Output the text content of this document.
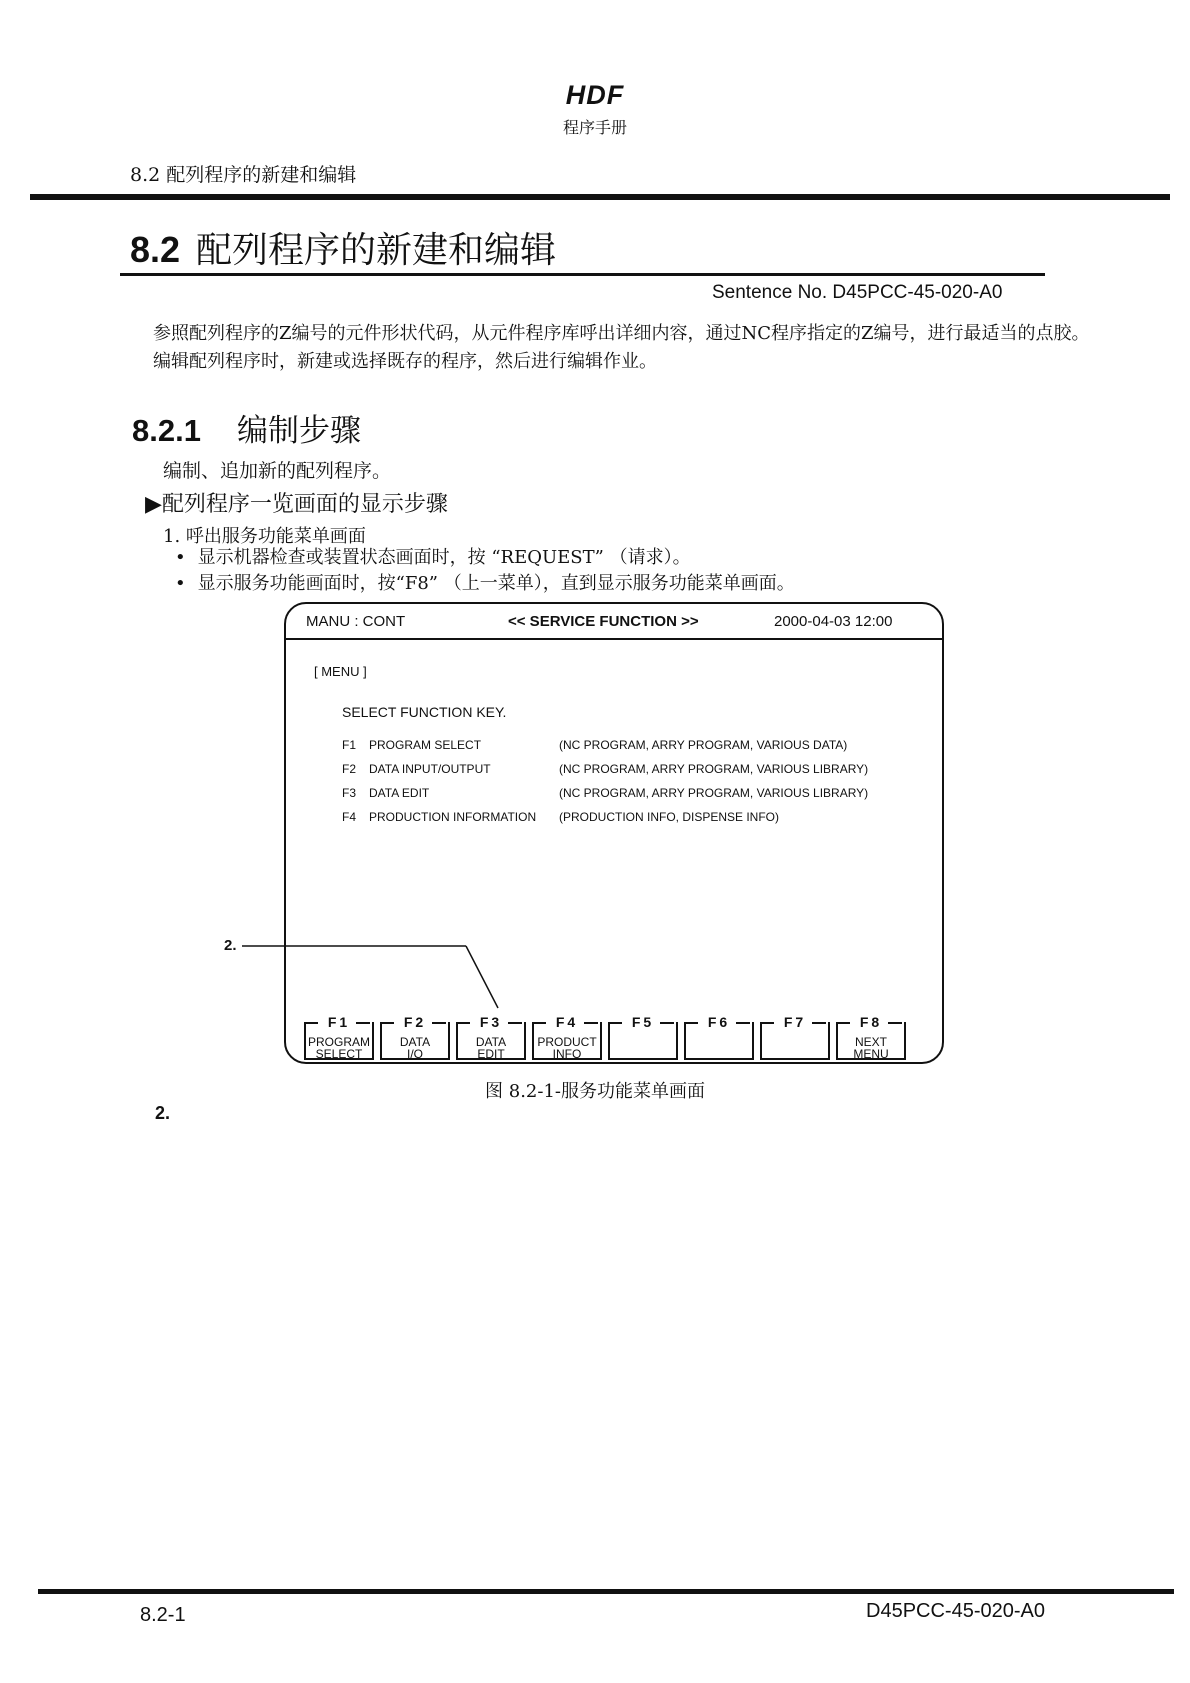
HDF
程序手册
8.2 配列程序的新建和编辑
8.2 配列程序的新建和编辑
Sentence No. D45PCC-45-020-A0

参照配列程序的Z编号的元件形状代码，从元件程序库呼出详细内容，通过NC程序指定的Z编号，进行最适当的点胶。

编辑配列程序时，新建或选择既存的程序，然后进行编辑作业。

8.2.1 编制步骤
编制、追加新的配列程序。
▶配列程序一览画面的显示步骤
1. 呼出服务功能菜单画面
• 显示机器检查或装置状态画面时，按 “REQUEST” （请求）。
• 显示服务功能画面时，按“F8” （上一菜单），直到显示服务功能菜单画面。
2.
MANU : CONT	<< SERVICE FUNCTION >>	2000-04-03 12:00
[ MENU ]
SELECT FUNCTION KEY.
F1 PROGRAM SELECT	(NC PROGRAM, ARRY PROGRAM, VARIOUS DATA)
F2 DATA INPUT/OUTPUT	(NC PROGRAM, ARRY PROGRAM, VARIOUS LIBRARY)
F3 DATA EDIT	(NC PROGRAM, ARRY PROGRAM, VARIOUS LIBRARY)
F4 PRODUCTION INFORMATION (PRODUCTION INFO, DISPENSE INFO)
F1
PROGRAM
SELECT
F2
DATA
I/O
F3
DATA
EDIT
F4
PRODUCT
INFO
F5	F6	F7	F8
NEXT
MENU
图 8.2-1-服务功能菜单画面
2.
8.2-1	D45PCC-45-020-A0
